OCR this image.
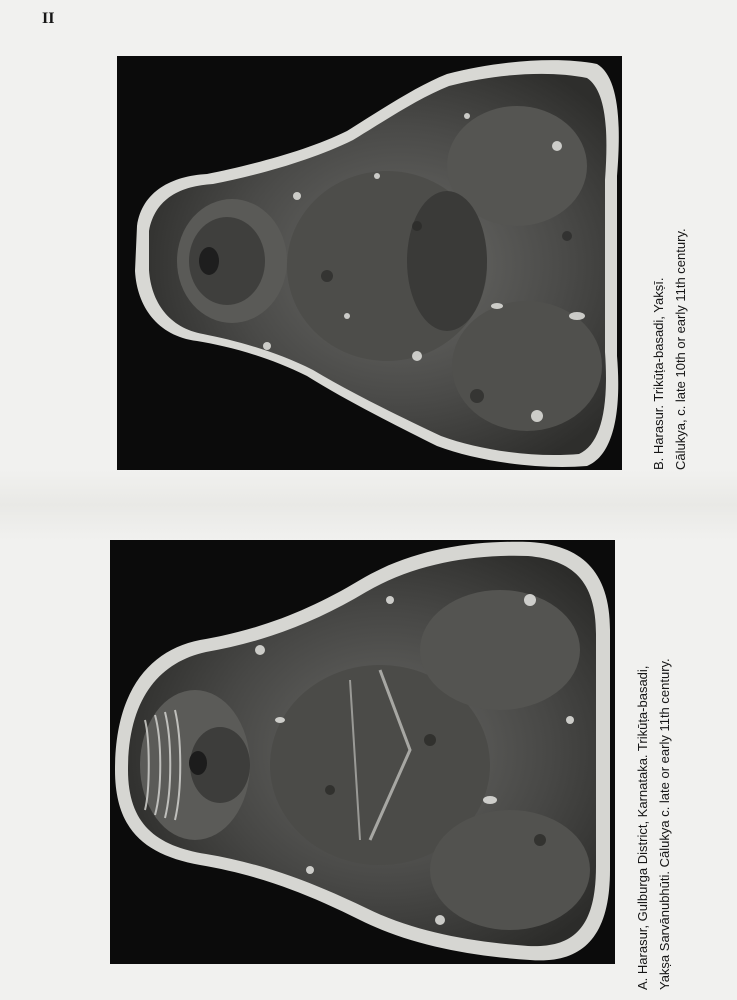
II
B. Harasur. Trikūṭa-basadi, Yakṣī. Cālukya, c. late 10th or early 11th century.
A. Harasur, Gulburga District, Karnataka. Trikūṭa-basadi, Yakṣa Sarvānubhūti. Cālukya c. late or early 11th century.
